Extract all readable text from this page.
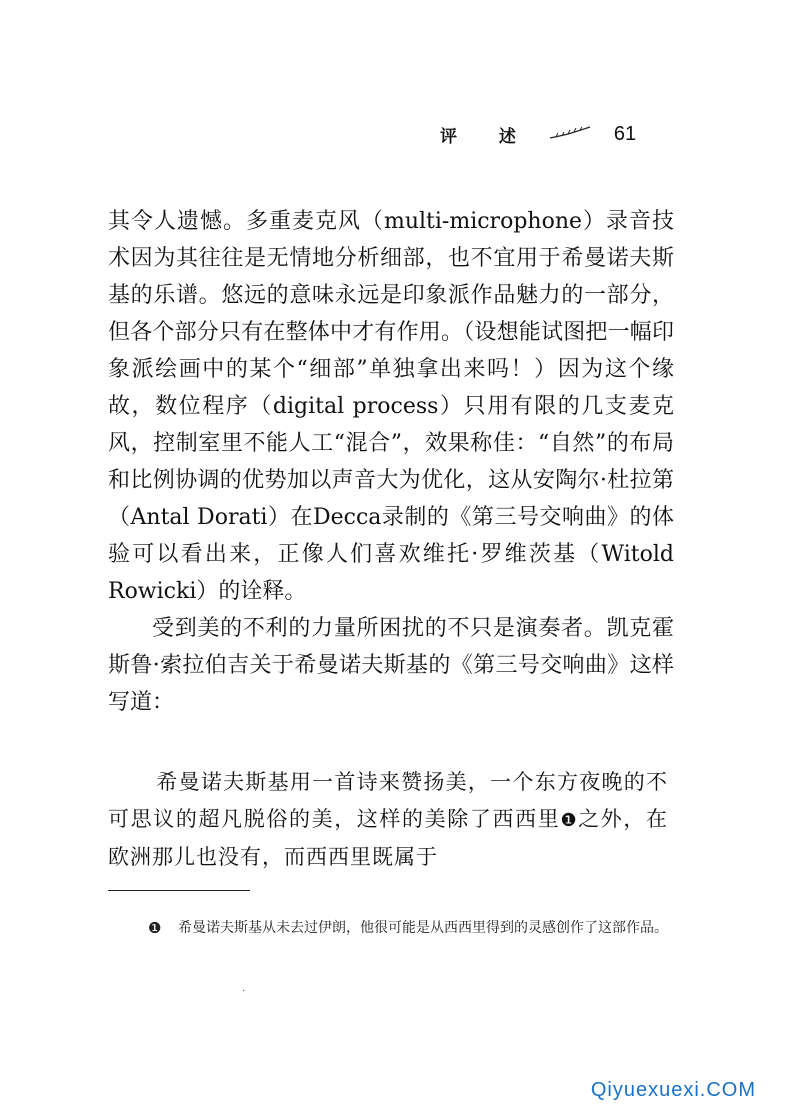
评 述	61

其令人遗憾。多重麦克风（multi-microphone）录音技术因为其往往是无情地分析细部，也不宜用于希曼诺夫斯基的乐谱。悠远的意味永远是印象派作品魅力的一部分，但各个部分只有在整体中才有作用。（设想能试图把一幅印象派绘画中的某个“细部”单独拿出来吗！）因为这个缘故，数位程序（digital process）只用有限的几支麦克风，控制室里不能人工“混合”，效果称佳：“自然”的布局和比例协调的优势加以声音大为优化，这从安陶尔·杜拉第（Antal Dorati）在Decca录制的《第三号交响曲》的体验可以看出来，正像人们喜欢维托·罗维茨基（Witold Rowicki）的诠释。

受到美的不利的力量所困扰的不只是演奏者。凯克霍斯鲁·索拉伯吉关于希曼诺夫斯基的《第三号交响曲》这样写道：

希曼诺夫斯基用一首诗来赞扬美，一个东方夜晚的不可思议的超凡脱俗的美，这样的美除了西西里❶之外，在欧洲那儿也没有，而西西里既属于

❶ 希曼诺夫斯基从未去过伊朗，他很可能是从西西里得到的灵感创作了这部作品。
·
Qiyuexuexi.COM
